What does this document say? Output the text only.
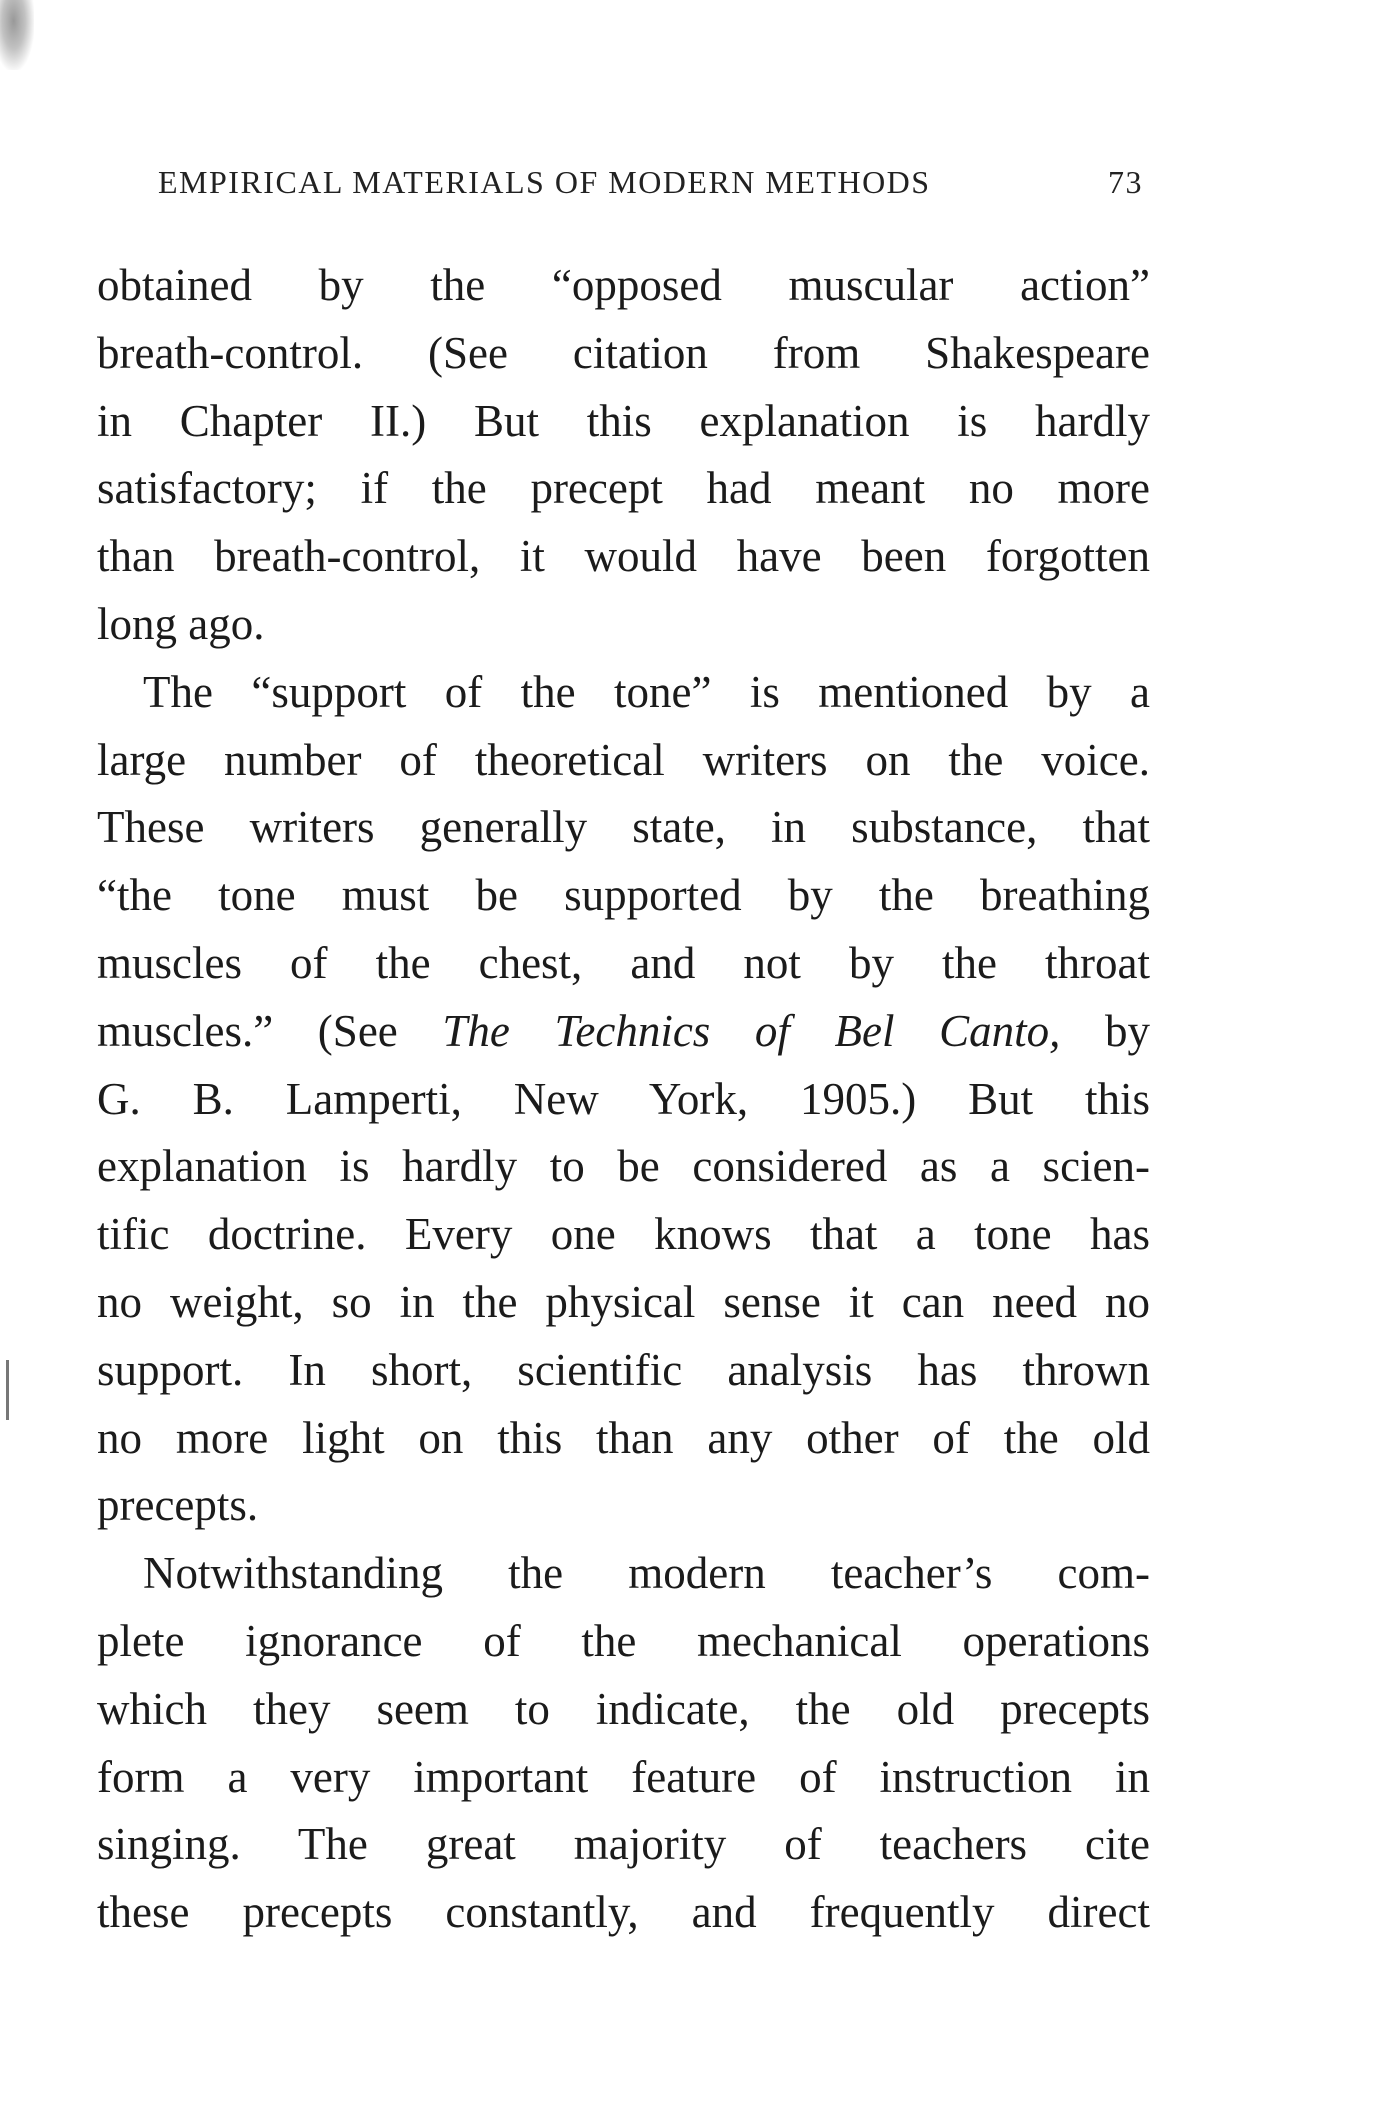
EMPIRICAL MATERIALS OF MODERN METHODS	73
obtained by the “opposed muscular action”
breath-control. (See citation from Shakespeare
in Chapter II.) But this explanation is hardly
satisfactory; if the precept had meant no more
than breath-control, it would have been forgotten
long ago.
The “support of the tone” is mentioned by a
large number of theoretical writers on the voice.
These writers generally state, in substance, that
“the tone must be supported by the breathing
muscles of the chest, and not by the throat
muscles.” (See The Technics of Bel Canto, by
G. B. Lamperti, New York, 1905.) But this
explanation is hardly to be considered as a scien-
tific doctrine. Every one knows that a tone has
no weight, so in the physical sense it can need no
support. In short, scientific analysis has thrown
no more light on this than any other of the old
precepts.
Notwithstanding the modern teacher’s com-
plete ignorance of the mechanical operations
which they seem to indicate, the old precepts
form a very important feature of instruction in
singing. The great majority of teachers cite
these precepts constantly, and frequently direct
